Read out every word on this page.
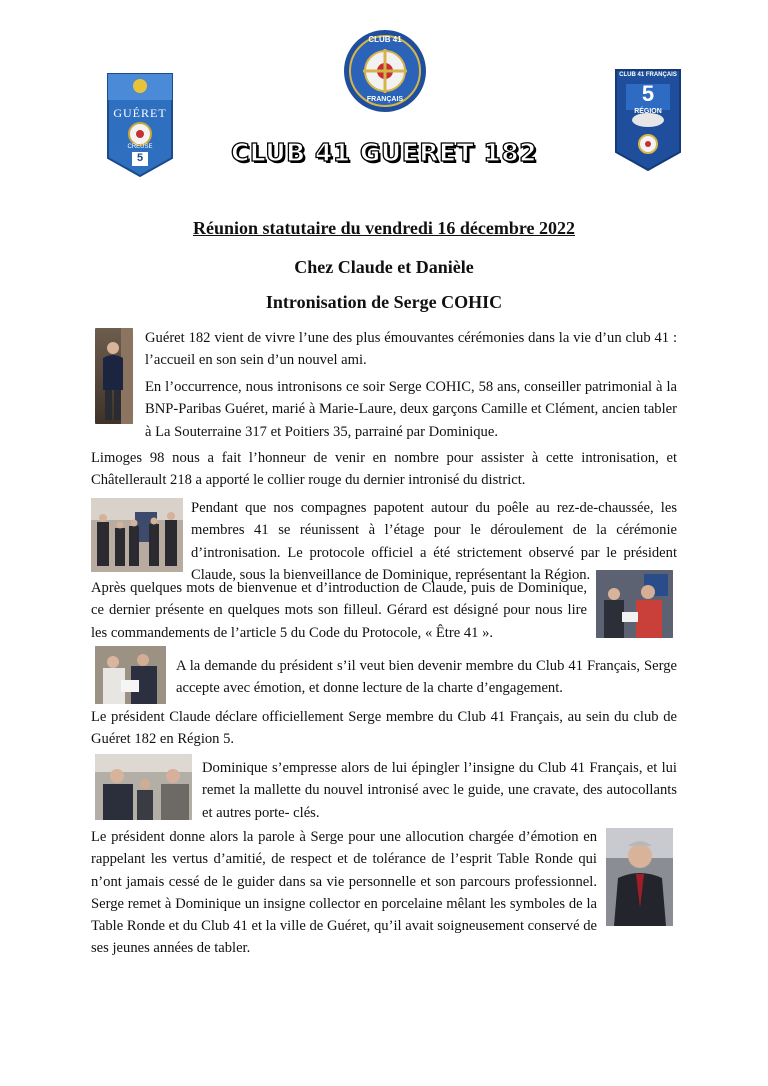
GUÉRET
CREUSE
5
CLUB 41
FRANÇAIS
CLUB 41 FRANÇAIS
5
RÉGION
CLUB 41 GUERET 182
Réunion statutaire du vendredi 16 décembre 2022
Chez Claude et Danièle
Intronisation de Serge COHIC

Guéret 182 vient de vivre l’une des plus émouvantes cérémonies dans la vie d’un club 41 : l’accueil en son sein d’un nouvel ami.

En l’occurrence, nous intronisons ce soir Serge COHIC, 58 ans, conseiller patrimonial à la BNP-Paribas Guéret, marié à Marie-Laure, deux garçons Camille et Clément, ancien tabler à La Souterraine 317 et Poitiers 35, parrainé par Dominique.

Limoges 98 nous a fait l’honneur de venir en nombre pour assister à cette intronisation, et Châtellerault 218 a apporté le collier rouge du dernier intronisé du district.

Pendant que nos compagnes papotent autour du poêle au rez-de-chaussée, les membres 41 se réunissent à l’étage pour le déroulement de la cérémonie d’intronisation. Le protocole officiel a été strictement observé par le président Claude, sous la bienveillance de Dominique, représentant la Région.

Après quelques mots de bienvenue et d’introduction de Claude, puis de Dominique, ce dernier présente en quelques mots son filleul. Gérard est désigné pour nous lire les commandements de l’article 5 du Code du Protocole, « Être 41 ».

A la demande du président s’il veut bien devenir membre du Club 41 Français, Serge accepte avec émotion, et donne lecture de la charte d’engagement.

Le président Claude déclare officiellement Serge membre du Club 41 Français, au sein du club de Guéret 182 en Région 5.

Dominique s’empresse alors de lui épingler l’insigne du Club 41 Français, et lui remet la mallette du nouvel intronisé avec le guide, une cravate, des autocollants et autres porte- clés.

Le président donne alors la parole à Serge pour une allocution chargée d’émotion en rappelant les vertus d’amitié, de respect et de tolérance de l’esprit Table Ronde qui n’ont jamais cessé de le guider dans sa vie personnelle et son parcours professionnel. Serge remet à Dominique un insigne collector en porcelaine mêlant les symboles de la Table Ronde et du Club 41 et la ville de Guéret, qu’il avait soigneusement conservé de ses jeunes années de tabler.
